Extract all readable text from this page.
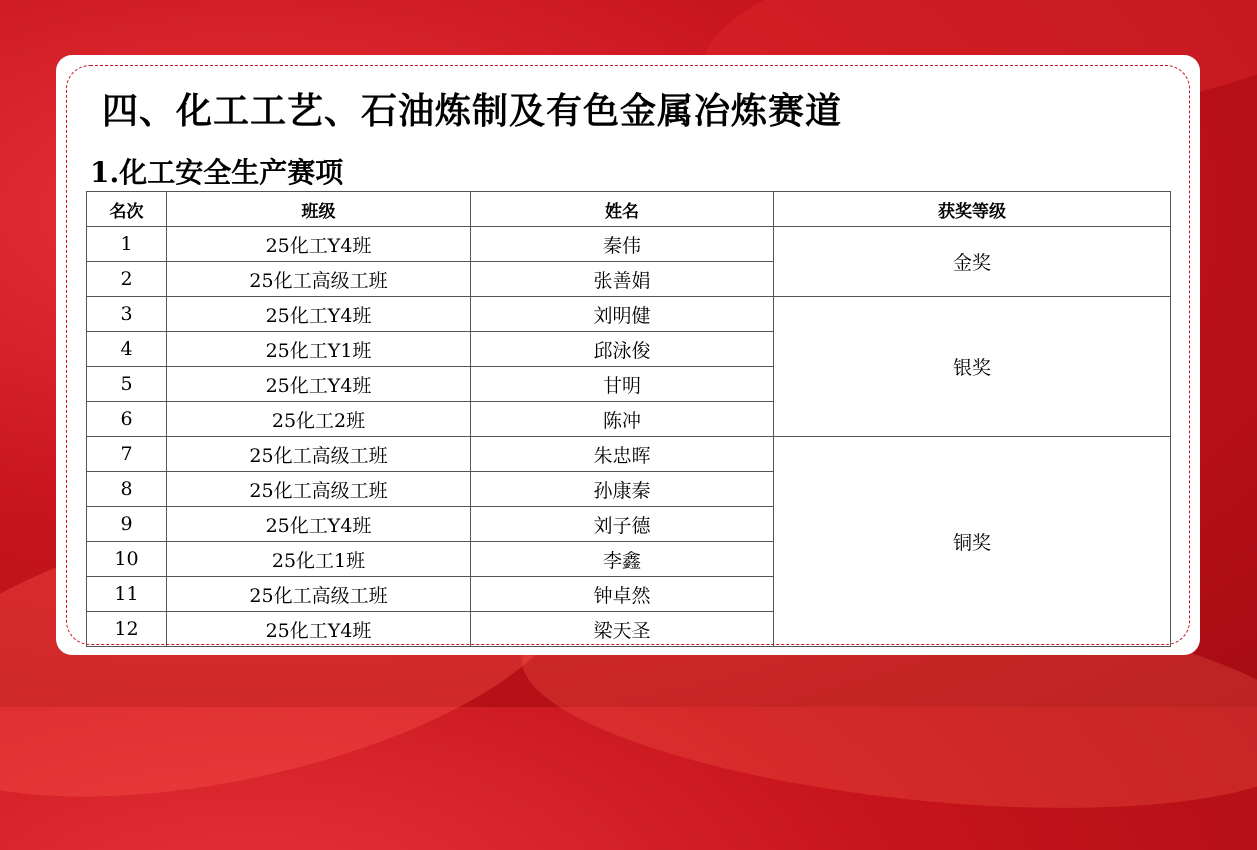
四、化工工艺、石油炼制及有色金属冶炼赛道
1.化工安全生产赛项
名次	班级	姓名	获奖等级
1	25化工Y4班	秦伟	金奖
2	25化工高级工班	张善娟	
3	25化工Y4班	刘明健	银奖
4	25化工Y1班	邱泳俊	
5	25化工Y4班	甘明	
6	25化工2班	陈冲	
7	25化工高级工班	朱忠晖	铜奖
8	25化工高级工班	孙康秦	
9	25化工Y4班	刘子德	
10	25化工1班	李鑫	
11	25化工高级工班	钟卓然	
12	25化工Y4班	梁天圣	
